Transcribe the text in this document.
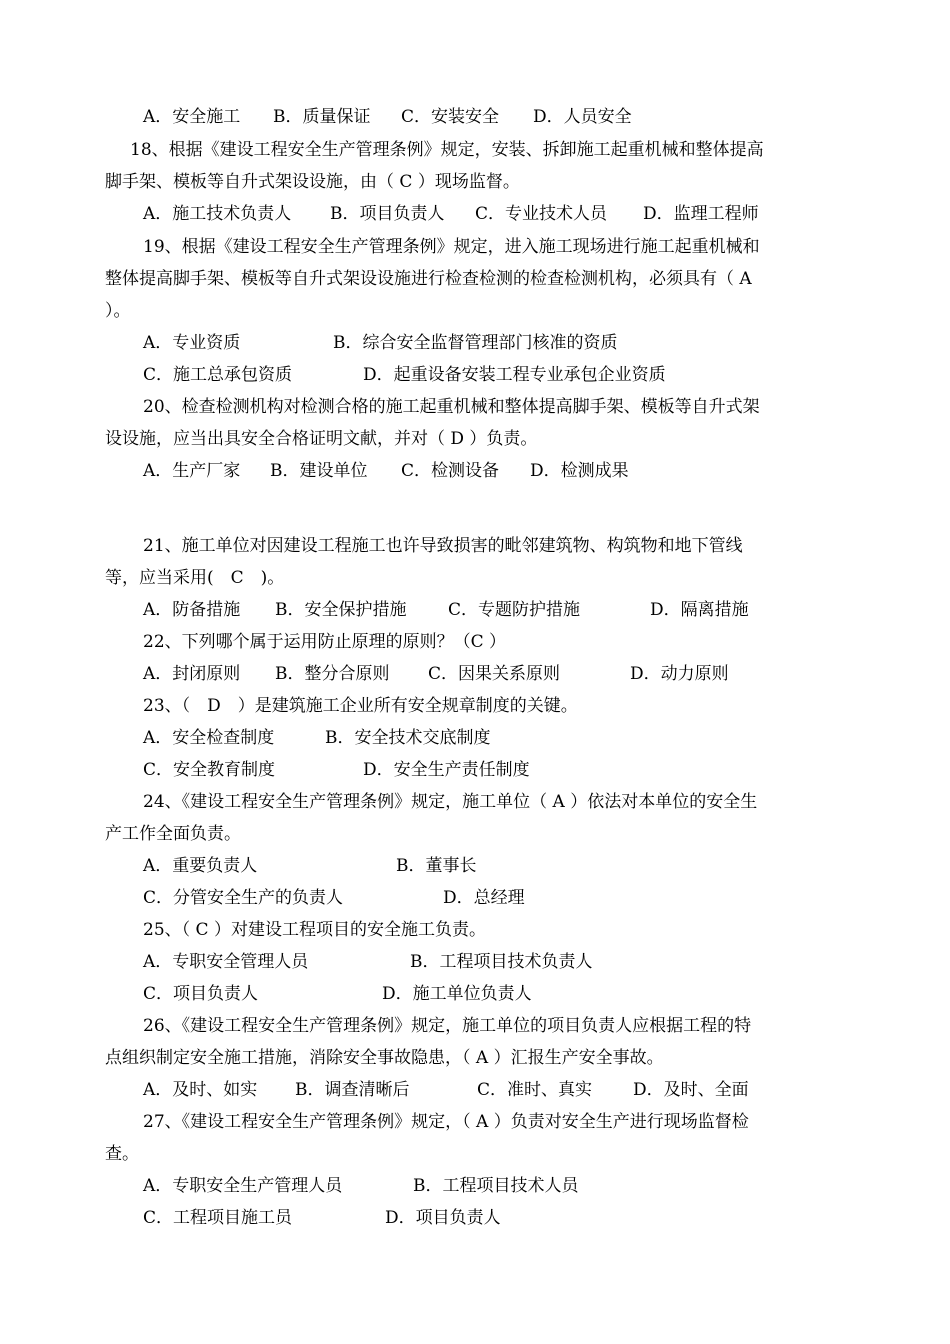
A．安全施工 B．质量保证 C．安装安全 D．人员安全
18、根据《建设工程安全生产管理条例》规定，安装、拆卸施工起重机械和整体提高
脚手架、模板等自升式架设设施，由（ C ）现场监督。
A．施工技术负责人 B．项目负责人 C．专业技术人员 D．监理工程师
19、根据《建设工程安全生产管理条例》规定，进入施工现场进行施工起重机械和
整体提高脚手架、模板等自升式架设设施进行检查检测的检查检测机构，必须具有（ A
）。
A．专业资质	B．综合安全监督管理部门核准的资质
C．施工总承包资质	D．起重设备安装工程专业承包企业资质
20、检查检测机构对检测合格的施工起重机械和整体提高脚手架、模板等自升式架
设设施，应当出具安全合格证明文献，并对（ D ）负责。
A．生产厂家 B．建设单位 C．检测设备 D．检测成果
21、施工单位对因建设工程施工也许导致损害的毗邻建筑物、构筑物和地下管线
等，应当采用(　C　)。
A．防备措施 B．安全保护措施 C．专题防护措施	D．隔离措施
22、下列哪个属于运用防止原理的原则？（C ）
A．封闭原则 B．整分合原则 C．因果关系原则	D．动力原则
23、（　D　）是建筑施工企业所有安全规章制度的关键。
A．安全检查制度	B．安全技术交底制度
C．安全教育制度	D．安全生产责任制度
24、《建设工程安全生产管理条例》规定，施工单位（ A ）依法对本单位的安全生
产工作全面负责。
A．重要负责人	B．董事长
C．分管安全生产的负责人	D．总经理
25、（ C ）对建设工程项目的安全施工负责。
A．专职安全管理人员	B．工程项目技术负责人
C．项目负责人	D．施工单位负责人
26、《建设工程安全生产管理条例》规定，施工单位的项目负责人应根据工程的特
点组织制定安全施工措施，消除安全事故隐患，（ A ）汇报生产安全事故。
A．及时、如实 B．调查清晰后	C．准时、真实 D．及时、全面
27、《建设工程安全生产管理条例》规定，（ A ）负责对安全生产进行现场监督检
查。
A．专职安全生产管理人员	B．工程项目技术人员
C．工程项目施工员	D．项目负责人
